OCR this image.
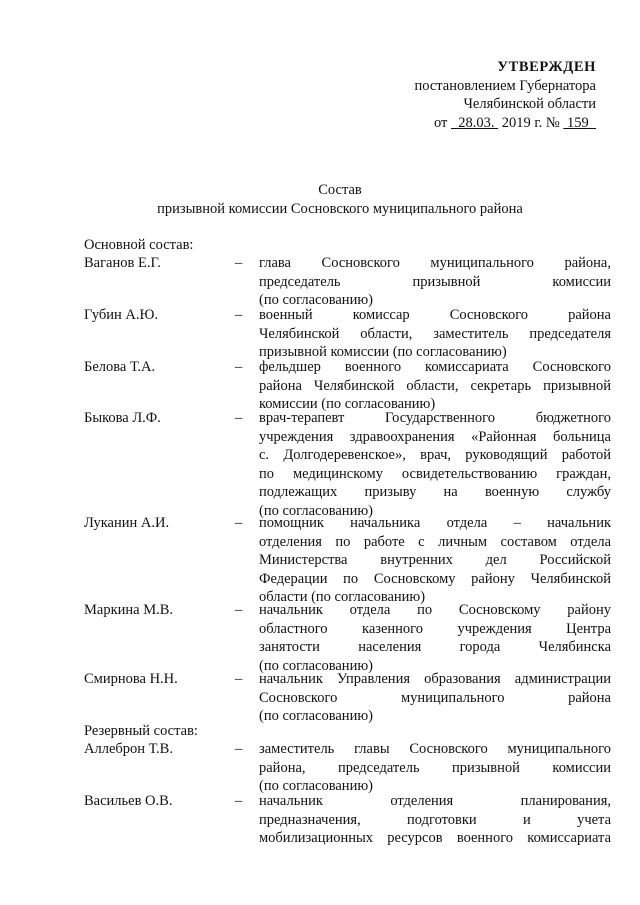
УТВЕРЖДЕН
постановлением Губернатора
Челябинской области
от 28.03. 2019 г. № 159
Состав
призывной комиссии Сосновского муниципального района
Основной состав:
Ваганов Е.Г.	– глава Сосновского муниципального района,
председатель призывной комиссии
(по согласованию)
Губин А.Ю.	– военный комиссар Сосновского районa
Челябинской области, заместитель председателя
призывной комиссии (по согласованию)
Белова Т.А.	– фельдшер военного комиссариата Сосновского
района Челябинской области, секретарь призывной
комиссии (по согласованию)
Быкова Л.Ф.	– врач-терапевт Государственного бюджетного
учреждения здравоохранения «Районная больница
с. Долгодеревенское», врач, руководящий работой
по медицинскому освидетельствованию граждан,
подлежащих призыву на военную службу
(по согласованию)
Луканин А.И.	– помощник начальника отдела – начальник
отделения по работе с личным составом отдела
Министерства внутренних дел Российской
Федерации по Сосновскому району Челябинской
области (по согласованию)
Маркина М.В.	– начальник отдела по Сосновскому району
областного казенного учреждения Центра
занятости населения города Челябинска
(по согласованию)
Смирнова Н.Н.	– начальник Управления образования администрации
Сосновского муниципального района
(по согласованию)
Резервный состав:
Аллеброн Т.В.	– заместитель главы Сосновского муниципального
района, председатель призывной комиссии
(по согласованию)
Васильев О.В.	– начальник отделения планирования,
предназначения, подготовки и учета
мобилизационных ресурсов военного комиссариата
